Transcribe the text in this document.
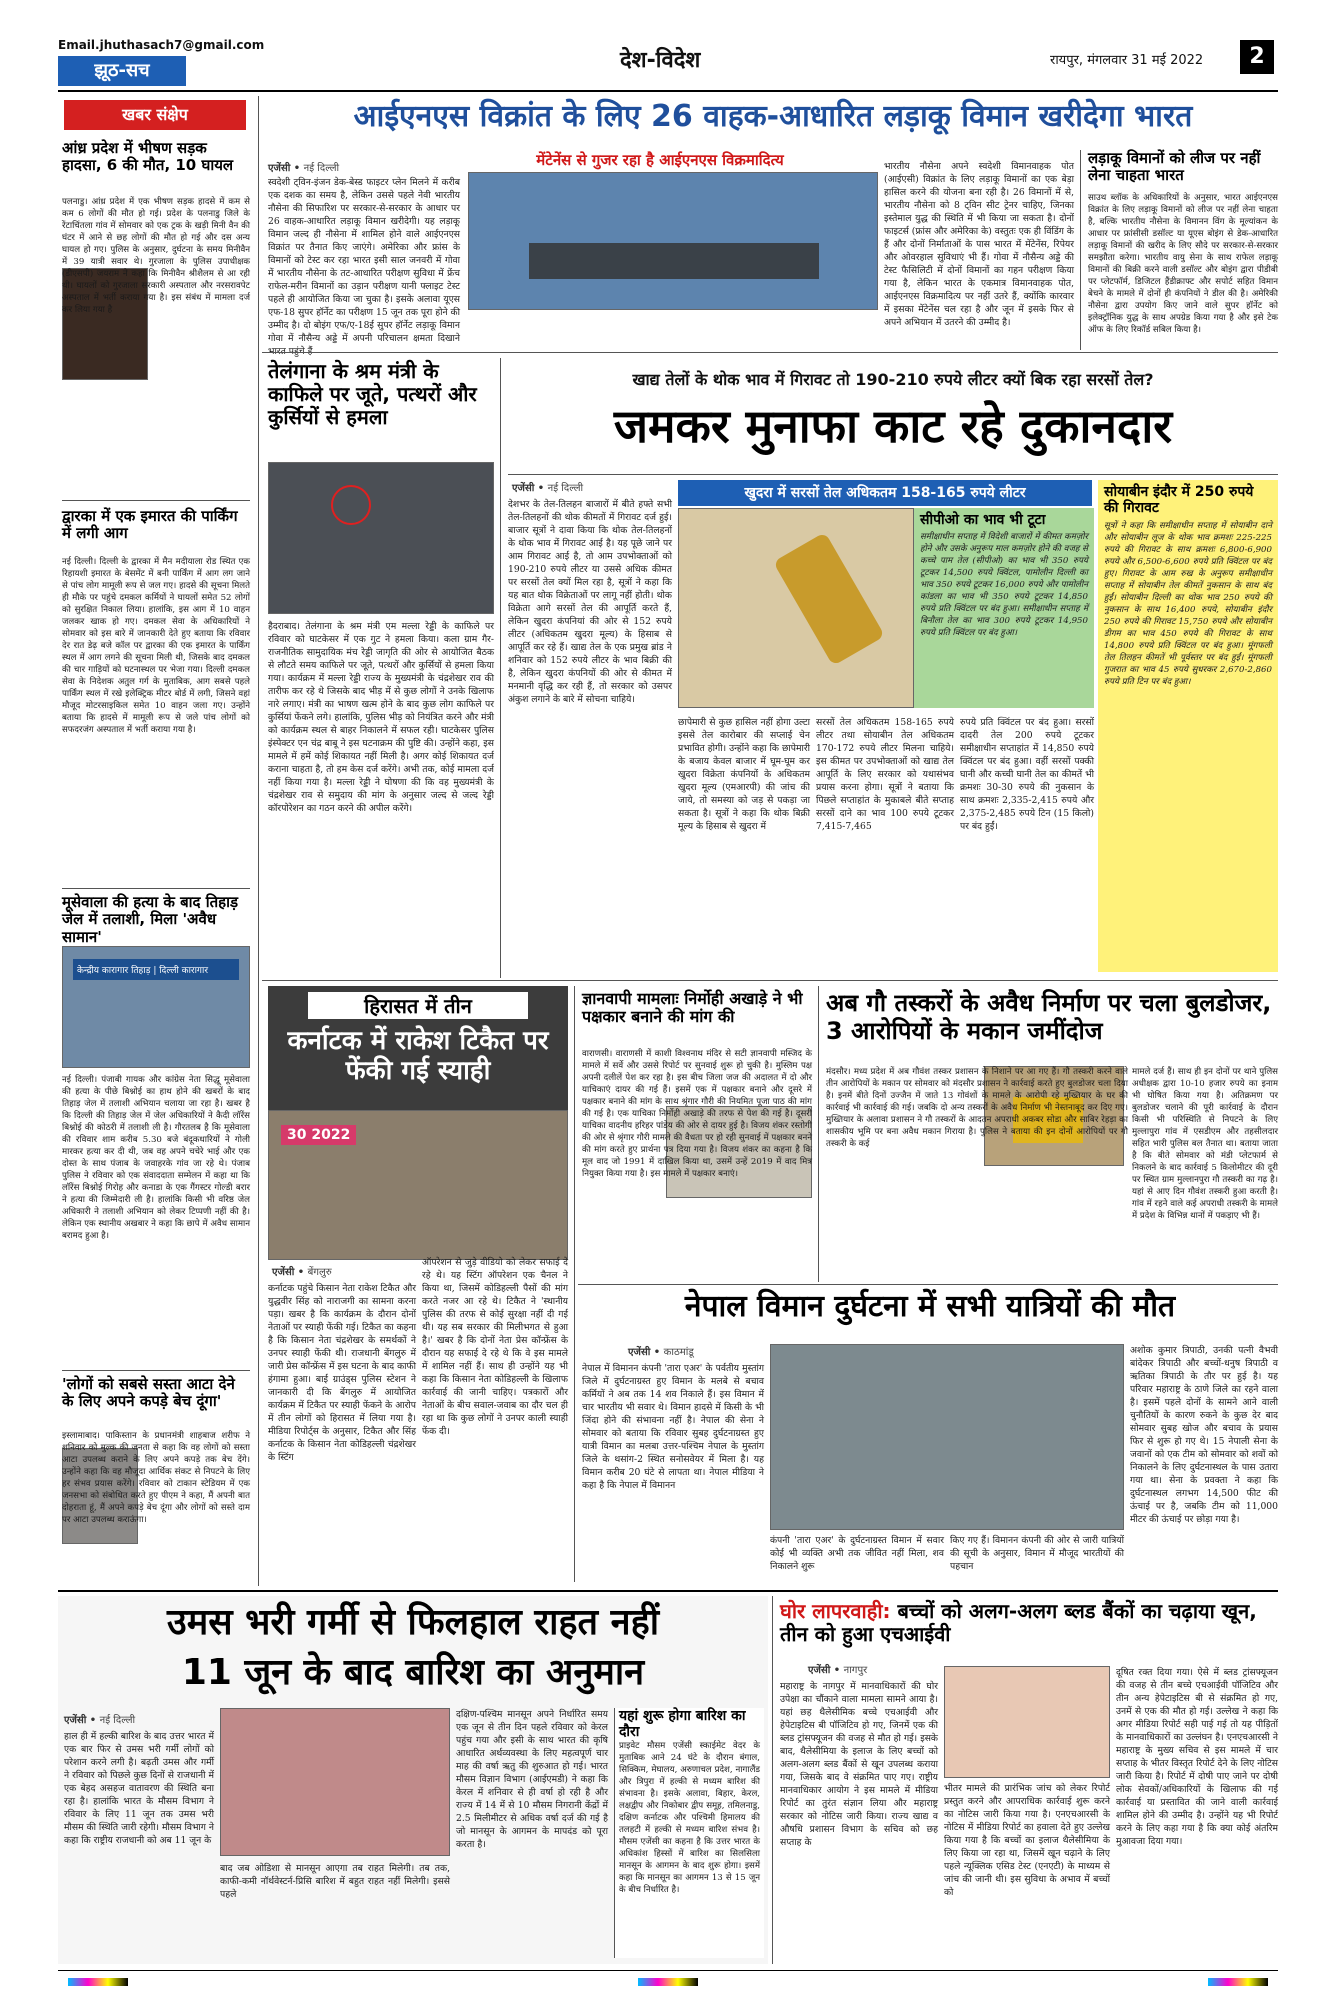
Email.jhuthasach7@gmail.com
झूठ-सच	देश-विदेश	रायपुर, मंगलवार 31 मई 2022	2
खबर संक्षेप
आंध्र प्रदेश में भीषण सड़क हादसा, 6 की मौत, 10 घायल
पलनाडु। आंध्र प्रदेश में एक भीषण सड़क हादसे में कम से कम 6 लोगों की मौत हो गई। प्रदेश के पलनाडु जिले के रेंटाचिंतला गांव में सोमवार को एक ट्रक के खड़ी मिनी वैन की घंटर में आने से छह लोगों की मौत हो गई और दस अन्य घायल हो गए। पुलिस के अनुसार, दुर्घटना के समय मिनीवैन में 39 यात्री सवार थे। गुरजाला के पुलिस उपाधीक्षक (डीएसपी) जयराम ने कहा कि मिनीवैन श्रीशैलम से आ रही थी। घायलों को गुरजाला सरकारी अस्पताल और नरसरावपेट अस्पताल में भर्ती कराया गया है। इस संबंध में मामला दर्ज कर लिया गया है
द्वारका में एक इमारत की पार्किंग में लगी आग
नई दिल्ली। दिल्ली के द्वारका में मैन मदीयाला रोड स्थित एक रिहायशी इमारत के बेसमेंट में बनी पार्किंग में आग लग जाने से पांच लोग मामूली रूप से जल गए। हादसे की सूचना मिलते ही मौके पर पहुंचे दमकल कर्मियों ने घायलों समेत 52 लोगों को सुरक्षित निकाल लिया। हालांकि, इस आग में 10 वाहन जलकर खाक हो गए। दमकल सेवा के अधिकारियों ने सोमवार को इस बारे में जानकारी देते हुए बताया कि रविवार देर रात डेढ़ बजे कॉल पर द्वारका की एक इमारत के पार्किंग स्थल में आग लगने की सूचना मिली थी, जिसके बाद दमकल की चार गाड़ियों को घटनास्थल पर भेजा गया। दिल्ली दमकल सेवा के निदेशक अतुल गर्ग के मुताबिक, आग सबसे पहले पार्किंग स्थल में रखे इलेक्ट्रिक मीटर बोर्ड में लगी, जिसने वहां मौजूद मोटरसाइकिल समेत 10 वाहन जला गए। उन्होंने बताया कि हादसे में मामूली रूप से जले पांच लोगों को सफदरजंग अस्पताल में भर्ती कराया गया है।
मूसेवाला की हत्या के बाद तिहाड़ जेल में तलाशी, मिला 'अवैध सामान'
केन्द्रीय कारागार तिहाड़ | दिल्ली कारागार
नई दिल्ली। पंजाबी गायक और कांग्रेस नेता सिद्धू मूसेवाला की हत्या के पीछे बिश्नोई का हाथ होने की खबरों के बाद तिहाड़ जेल में तलाशी अभियान चलाया जा रहा है। खबर है कि दिल्ली की तिहाड़ जेल में जेल अधिकारियों ने कैदी लॉरेंस बिश्नोई की कोठरी में तलाशी ली है। गौरतलब है कि मूसेवाला की रविवार शाम करीब 5.30 बजे बंदूकधारियों ने गोली मारकर हत्या कर दी थी, जब वह अपने चचेरे भाई और एक दोस्त के साथ पंजाब के जवाहरके गांव जा रहे थे। पंजाब पुलिस ने रविवार को एक संवाददाता सम्मेलन में कहा था कि लॉरेंस बिश्नोई गिरोह और कनाडा के एक गैंगस्टर गोल्डी बरार ने हत्या की जिम्मेदारी ली है। हालांकि किसी भी वरिष्ठ जेल अधिकारी ने तलाशी अभियान को लेकर टिप्पणी नहीं की है। लेकिन एक स्थानीय अखबार ने कहा कि छापे में अवैध सामान बरामद हुआ है।
'लोगों को सबसे सस्ता आटा देने के लिए अपने कपड़े बेच दूंगा'
इस्लामाबाद। पाकिस्तान के प्रधानमंत्री शाहबाज शरीफ ने शनिवार को मुल्क की जनता से कहा कि वह लोगों को सस्ता आटा उपलब्ध कराने के लिए अपने कपड़े तक बेच देंगे। उन्होंने कहा कि वह मौजूदा आर्थिक संकट से निपटने के लिए हर संभव प्रयास करेंगे। रविवार को टाकान स्टेडियम में एक जनसभा को संबोधित करते हुए पीएम ने कहा, मैं अपनी बात दोहराता हूं, मैं अपने कपड़े बेच दूंगा और लोगों को सस्ते दाम पर आटा उपलब्ध कराऊंगा।
आईएनएस विक्रांत के लिए 26 वाहक-आधारित लड़ाकू विमान खरीदेगा भारत
मेंटेनेंस से गुजर रहा है आईएनएस विक्रमादित्य
एजेंसी • नई दिल्ली
स्वदेशी ट्विन-इंजन डेक-बेस्ड फाइटर प्लेन मिलने में करीब एक दशक का समय है, लेकिन उससे पहले नेवी भारतीय नौसेना की सिफारिश पर सरकार-से-सरकार के आधार पर 26 वाहक-आधारित लड़ाकू विमान खरीदेगी। यह लड़ाकू विमान जल्द ही नौसेना में शामिल होने वाले आईएनएस विक्रांत पर तैनात किए जाएंगे। अमेरिका और फ्रांस के विमानों को टेस्ट कर रहा भारत इसी साल जनवरी में गोवा में भारतीय नौसेना के तट-आधारित परीक्षण सुविधा में फ्रेंच राफेल-मरीन विमानों का उड़ान परीक्षण यानी फ्लाइट टेस्ट पहले ही आयोजित किया जा चुका है। इसके अलावा यूएस एफ-18 सुपर हॉर्नेट का परीक्षण 15 जून तक पूरा होने की उम्मीद है। दो बोइंग एफ/ए-18ई सुपर हॉर्नेट लड़ाकू विमान गोवा में नौसैन्य अड्डे में अपनी परिचालन क्षमता दिखाने
भारतीय नौसेना अपने स्वदेशी विमानवाहक पोत (आईएसी) विक्रांत के लिए लड़ाकू विमानों का एक बेड़ा हासिल करने की योजना बना रही है। 26 विमानों में से, भारतीय नौसेना को 8 ट्विन सीट ट्रेनर चाहिए, जिनका इस्तेमाल युद्ध की स्थिति में भी किया जा सकता है। दोनों फाइटर्स (फ्रांस और अमेरिका के) वस्तुतः एक ही विंडिंग के हैं और दोनों निर्माताओं के पास भारत में मेंटेनेंस, रिपेयर और ओवरहाल सुविधाएं भी हैं। गोवा में नौसैन्य अड्डे की टेस्ट फैसिलिटी में दोनों विमानों का गहन परीक्षण किया गया है, लेकिन भारत के एकमात्र विमानवाहक पोत, आईएनएस विक्रमादित्य पर नहीं उतरे हैं, क्योंकि कारवार में इसका मेंटेनेंस चल रहा है और जून में इसके फिर से अपने अभियान में उतरने की उम्मीद है।
लड़ाकू विमानों को लीज पर नहीं लेना चाहता भारत
साउथ ब्लॉक के अधिकारियों के अनुसार, भारत आईएनएस विक्रांत के लिए लड़ाकू विमानों को लीज पर नहीं लेना चाहता है, बल्कि भारतीय नौसेना के विमानन विंग के मूल्यांकन के आधार पर फ्रांसीसी डसॉल्ट या यूएस बोइंग से डेक-आधारित लड़ाकू विमानों की खरीद के लिए सौदे पर सरकार-से-सरकार समझौता करेगा। भारतीय वायु सेना के साथ राफेल लड़ाकू विमानों की बिक्री करने वाली डसॉल्ट और बोइंग द्वारा पीडीबी पर प्लेटफॉर्म, डिजिटल हैंडीक्राफ्ट और सपोर्ट सहित विमान बेचने के मामले में दोनों ही कंपनियों ने डील की है। अमेरिकी नौसेना द्वारा उपयोग किए जाने वाले सुपर हॉर्नेट को इलेक्ट्रॉनिक युद्ध के साथ अपग्रेड किया गया है और इसे टेक ऑफ के लिए रिकॉर्ड सबिल किया है।
तेलंगाना के श्रम मंत्री के काफिले पर जूते, पत्थरों और कुर्सियों से हमला
हैदराबाद। तेलंगाना के श्रम मंत्री एम मल्ला रेड्डी के काफिले पर रविवार को घाटकेसर में एक गुट ने हमला किया। कला ग्राम गैर-राजनीतिक सामुदायिक मंच रेड्डी जागृति की ओर से आयोजित बैठक से लौटते समय काफिले पर जूते, पत्थरों और कुर्सियों से हमला किया गया। कार्यक्रम में मल्ला रेड्डी राज्य के मुख्यमंत्री के चंद्रशेखर राव की तारीफ कर रहे थे जिसके बाद भीड़ में से कुछ लोगों ने उनके खिलाफ नारे लगाए। मंत्री का भाषण खत्म होने के बाद कुछ लोग काफिले पर कुर्सियां फेंकने लगे। हालांकि, पुलिस भीड़ को नियंत्रित करने और मंत्री को कार्यक्रम स्थल से बाहर निकालने में सफल रही। घाटकेसर पुलिस इंस्पेक्टर एन चंद्र बाबू ने इस घटनाक्रम की पुष्टि की। उन्होंने कहा, इस मामले में हमें कोई शिकायत नहीं मिली है। अगर कोई शिकायत दर्ज कराना चाहता है, तो हम केस दर्ज करेंगे। अभी तक, कोई मामला दर्ज नहीं किया गया है। मल्ला रेड्डी ने घोषणा की कि वह मुख्यमंत्री के चंद्रशेखर राव से समुदाय की मांग के अनुसार जल्द से जल्द रेड्डी कॉरपोरेशन का गठन करने की अपील करेंगे।
खाद्य तेलों के थोक भाव में गिरावट तो 190-210 रुपये लीटर क्यों बिक रहा सरसों तेल?
जमकर मुनाफा काट रहे दुकानदार
एजेंसी • नई दिल्ली	खुदरा में सरसों तेल अधिकतम 158-165 रुपये लीटर
सीपीओ का भाव भी टूटा
समीक्षाधीन सप्ताह में विदेशी बाजारों में कीमत कमज़ोर होने और उसके अनुरूप माल कमज़ोर होने की वजह से कच्चे पाम तेल (सीपीओ) का भाव भी 350 रुपये टूटकर 14,500 रुपये क्विंटल, पामोलीन दिल्ली का भाव 350 रुपये टूटकर 16,000 रुपये और पामोलीन कांडला का भाव भी 350 रुपये टूटकर 14,850 रुपये प्रति क्विंटल पर बंद हुआ। समीक्षाधीन सप्ताह में बिनौला तेल का भाव 300 रुपये टूटकर 14,950 रुपये प्रति क्विंटल पर बंद हुआ।
देशभर के तेल-तिलहन बाजारों में बीते हफ्ते सभी तेल-तिलहनों की थोक कीमतों में गिरावट दर्ज हुई। बाजार सूत्रों ने दावा किया कि थोक तेल-तिलहनों के थोक भाव में गिरावट आई है। यह पूछे जाने पर आम गिरावट आई है, तो आम उपभोक्ताओं को 190-210 रुपये लीटर या उससे अधिक कीमत पर सरसों तेल क्यों मिल रहा है, सूत्रों ने कहा कि यह बात थोक विक्रेताओं पर लागू नहीं होती। थोक विक्रेता आगे सरसों तेल की आपूर्ति करते हैं, लेकिन खुदरा कंपनियां की ओर से 152 रुपये लीटर (अधिकतम खुदरा मूल्य) के हिसाब से आपूर्ति कर रहे हैं। खाद्य तेल के एक प्रमुख ब्रांड ने शनिवार को 152 रुपये लीटर के भाव बिक्री की है, लेकिन खुदरा कंपनियों की ओर से कीमत में मनमानी वृद्धि कर रही हैं, तो सरकार को उसपर अंकुश लगाने के बारे में सोचना चाहिये।
छापेमारी से कुछ हासिल नहीं होगा उल्टा इससे तेल कारोबार की सप्लाई चेन प्रभावित होगी। उन्होंने कहा कि छापेमारी के बजाय केवल बाजार में घूम-घूम कर खुदरा विक्रेता कंपनियों के अधिकतम खुदरा मूल्य (एमआरपी) की जांच की जाये, तो समस्या को जड़ से पकड़ा जा सकता है। सूत्रों ने कहा कि थोक बिक्री मूल्य के हिसाब से खुदरा में
सरसों तेल अधिकतम 158-165 रुपये लीटर तथा सोयाबीन तेल अधिकतम 170-172 रुपये लीटर मिलना चाहिये। इस कीमत पर उपभोक्ताओं को खाद्य तेल आपूर्ति के लिए सरकार को यथासंभव प्रयास करना होगा। सूत्रों ने बताया कि पिछले सप्ताहांत के मुकाबले बीते सप्ताह सरसों दाने का भाव 100 रुपये टूटकर 7,415-7,465
रुपये प्रति क्विंटल पर बंद हुआ। सरसों दादरी तेल 200 रुपये टूटकर समीक्षाधीन सप्ताहांत में 14,850 रुपये क्विंटल पर बंद हुआ। वहीं सरसों पक्की घानी और कच्ची घानी तेल का कीमतें भी क्रमशः 30-30 रुपये की नुकसान के साथ क्रमशः 2,335-2,415 रुपये और 2,375-2,485 रुपये टिन (15 किलो) पर बंद हुईं।
सोयाबीन इंदौर में 250 रुपये की गिरावट
सूत्रों ने कहा कि समीक्षाधीन सप्ताह में सोयाबीन दाने और सोयाबीन लूज के थोक भाव क्रमशः 225-225 रुपये की गिरावट के साथ क्रमशः 6,800-6,900 रुपये और 6,500-6,600 रुपये प्रति क्विंटल पर बंद हुए। गिरावट के आम रुख के अनुरूप समीक्षाधीन सप्ताह में सोयाबीन तेल कीमतें नुकसान के साथ बंद हुईं। सोयाबीन दिल्ली का थोक भाव 250 रुपये की नुकसान के साथ 16,400 रुपये, सोयाबीन इंदौर 250 रुपये की गिरावट 15,750 रुपये और सोयाबीन डीगम का भाव 450 रुपये की गिरावट के साथ 14,800 रुपये प्रति क्विंटल पर बंद हुआ। मूंगफली तेल तिलहन कीमतें भी पूर्वस्तर पर बंद हुईं। मूंगफली गुजरात का भाव 45 रुपये सुधरकर 2,670-2,860 रुपये प्रति टिन पर बंद हुआ।
हिरासत में तीन
कर्नाटक में राकेश टिकैत पर फेंकी गई स्याही
30 2022
एजेंसी • बेंगलुरु
कर्नाटक पहुंचे किसान नेता राकेश टिकैत और युद्धवीर सिंह को नाराजगी का सामना करना पड़ा। खबर है कि कार्यक्रम के दौरान दोनों नेताओं पर स्याही फेंकी गई। टिकैत का कहना है कि किसान नेता चंद्रशेखर के समर्थकों ने उनपर स्याही फेंकी थी। राजधानी बेंगलुरु में जारी प्रेस कॉन्फ्रेंस में इस घटना के बाद काफी हंगामा हुआ। बाई ग्राउंड्स पुलिस स्टेशन ने जानकारी दी कि बेंगलुरु में आयोजित कार्यक्रम में टिकैत पर स्याही फेंकने के आरोप में तीन लोगों को हिरासत में लिया गया है। मीडिया रिपोर्ट्स के अनुसार, टिकैत और सिंह कर्नाटक के किसान नेता कोडिहल्ली चंद्रशेखर के स्टिंग
ऑपरेशन से जुड़े वीडियो को लेकर सफाई दे रहे थे। यह स्टिंग ऑपरेशन एक चैनल ने किया था, जिसमें कोडिहल्ली पैसों की मांग करते नजर आ रहे थे। टिकैत ने 'स्थानीय पुलिस की तरफ से कोई सुरक्षा नहीं दी गई थी। यह सब सरकार की मिलीभगत से हुआ है।' खबर है कि दोनों नेता प्रेस कॉन्फ्रेंस के दौरान यह सफाई दे रहे थे कि वे इस मामले में शामिल नहीं हैं। साथ ही उन्होंने यह भी कहा कि किसान नेता कोडिहल्ली के खिलाफ कार्रवाई की जानी चाहिए। पत्रकारों और नेताओं के बीच सवाल-जवाब का दौर चल ही रहा था कि कुछ लोगों ने उनपर काली स्याही फेंक दी।
ज्ञानवापी मामलाः निर्मोही अखाड़े ने भी पक्षकार बनाने की मांग की
वाराणसी। वाराणसी में काशी विश्वनाथ मंदिर से सटी ज्ञानवापी मस्जिद के मामले में सर्वे और उससे रिपोर्ट पर सुनवाई शुरू हो चुकी है। मुस्लिम पक्ष अपनी दलीलें पेश कर रहा है। इस बीच जिला जज की अदालत में दो और याचिकाएं दायर की गई हैं। इसमें एक में पक्षकार बनाने और दूसरे में पक्षकार बनाने की मांग के साथ श्रृंगार गौरी की नियमित पूजा पाठ की मांग की गई है। एक याचिका निर्मोही अखाड़े की तरफ से पेश की गई है। दूसरी याचिका वादनीय हरिहर पांडेय की ओर से दायर हुई है। विजय शंकर रस्तोगी की ओर से श्रृंगार गौरी मामले की वैधता पर हो रही सुनवाई में पक्षकार बनने की मांग करते हुए प्रार्थना पत्र दिया गया है। विजय शंकर का कहना है कि मूल वाद जो 1991 में दाखिल किया था, उसमें उन्हें 2019 में वाद मित्र नियुक्त किया गया है। इस मामले में पक्षकार बनाएं।
अब गौ तस्करों के अवैध निर्माण पर चला बुलडोजर, 3 आरोपियों के मकान जमींदोज
मंदसौर। मध्य प्रदेश में अब गौवंश तस्कर प्रशासन के निशाने पर आ गए हैं। गौ तस्करी करने वाले तीन आरोपियों के मकान पर सोमवार को मंदसौर प्रशासन ने कार्रवाई करते हुए बुलडोजर चला दिया है। इनमें बीते दिनों उज्जैन में जाते 13 गोवंशों के मामले के आरोपी रहे मुख्तियार के घर की कार्रवाई भी कार्रवाई की गई। जबकि दो अन्य तस्करों के अवैध निर्माण भी नेस्तनाबूद कर दिए गए। मुख्तियार के अलावा प्रशासन ने गौ तस्करों के आदतन अपराधी अकबर सोडा और साबिर रेहड़ा का शासकीय भूमि पर बना अवैध मकान गिराया है। पुलिस ने बताया की इन दोनों आरोपियों पर गौ तस्करी के कई
मामले दर्ज हैं। साथ ही इन दोनों पर थाने पुलिस अधीक्षक द्वारा 10-10 हजार रुपये का इनाम भी घोषित किया गया है। अतिक्रमण पर बुलडोजर चलाने की पूरी कार्रवाई के दौरान किसी भी परिस्थिति से निपटने के लिए मुल्लापुरा गांव में एसडीएम और तहसीलदार सहित भारी पुलिस बल तैनात था। बताया जाता है कि बीते सोमवार को मंडी प्लेटफार्म से निकलने के बाद कार्रवाई 5 किलोमीटर की दूरी पर स्थित ग्राम मुल्लानपुरा गौ तस्करी का गढ़ है। यहां से आए दिन गौवंश तस्करी हुआ करती है। गांव में रहने वाले कई अपराधी तस्करी के मामले में प्रदेश के विभिन्न थानों में पकड़ाए भी हैं।
नेपाल विमान दुर्घटना में सभी यात्रियों की मौत
एजेंसी • काठमांडू
नेपाल में विमानन कंपनी 'तारा एअर' के पर्वतीय मुस्तांग जिले में दुर्घटनाग्रस्त हुए विमान के मलबे से बचाव कर्मियों ने अब तक 14 शव निकाले हैं। इस विमान में चार भारतीय भी सवार थे। विमान हादसे में किसी के भी जिंदा होने की संभावना नहीं है। नेपाल की सेना ने सोमवार को बताया कि रविवार सुबह दुर्घटनाग्रस्त हुए यात्री विमान का मलबा उत्तर-पश्चिम नेपाल के मुस्तांग जिले के थसांग-2 स्थित सनोसवेयर में मिला है। यह विमान करीब 20 घंटे से लापता था। नेपाल मीडिया ने कहा है कि नेपाल में विमानन
कंपनी 'तारा एअर' के दुर्घटनाग्रस्त विमान में सवार कोई भी व्यक्ति अभी तक जीवित नहीं मिला, शव निकालने शुरू
किए गए हैं। विमानन कंपनी की ओर से जारी यात्रियों की सूची के अनुसार, विमान में मौजूद भारतीयों की पहचान
अशोक कुमार त्रिपाठी, उनकी पत्नी वैभवी बांदेकर त्रिपाठी और बच्चों-धनुष त्रिपाठी व ऋतिका त्रिपाठी के तौर पर हुई है। यह परिवार महाराष्ट्र के ठाणे जिले का रहने वाला है। इसमें पहले दोनों के सामने आने वाली चुनौतियों के कारण रुकने के कुछ देर बाद सोमवार सुबह खोज और बचाव के प्रयास फिर से शुरू हो गए थे। 15 नेपाली सेना के जवानों को एक टीम को सोमवार को शवों को निकालने के लिए दुर्घटनास्थल के पास उतारा गया था। सेना के प्रवक्ता ने कहा कि दुर्घटनास्थल लगभग 14,500 फीट की ऊंचाई पर है, जबकि टीम को 11,000 मीटर की ऊंचाई पर छोड़ा गया है।
उमस भरी गर्मी से फिलहाल राहत नहीं
11 जून के बाद बारिश का अनुमान
एजेंसी • नई दिल्ली
हाल ही में हल्की बारिश के बाद उत्तर भारत में एक बार फिर से उमस भरी गर्मी लोगों को परेशान करने लगी है। बढ़ती उमस और गर्मी ने रविवार को पिछले कुछ दिनों से राजधानी में एक बेहद असहज वातावरण की स्थिति बना रहा है। हालांकि भारत के मौसम विभाग ने रविवार के लिए 11 जून तक उमस भरी मौसम की स्थिति जारी रहेगी। मौसम विभाग ने कहा कि राष्ट्रीय राजधानी को अब 11 जून के
बाद जब ओडिशा से मानसून आएगा तब राहत मिलेगी। तब तक, काफी-कमी नॉर्थवेस्टर्न-प्रिसि बारिश में बहुत राहत नहीं मिलेगी। इससे पहले
दक्षिण-पश्चिम मानसून अपने निर्धारित समय एक जून से तीन दिन पहले रविवार को केरल पहुंच गया और इसी के साथ भारत की कृषि आधारित अर्थव्यवस्था के लिए महत्वपूर्ण चार माह की वर्षा ऋतु की शुरुआत हो गई। भारत मौसम विज्ञान विभाग (आईएमडी) ने कहा कि केरल में शनिवार से ही वर्षा हो रही है और राज्य में 14 में से 10 मौसम निगरानी केंद्रों में 2.5 मिलीमीटर से अधिक वर्षा दर्ज की गई है जो मानसून के आगमन के मापदंड को पूरा करता है।
यहां शुरू होगा बारिश का दौरा
प्राइवेट मौसम एजेंसी स्काईमेट वेदर के मुताबिक आने 24 घंटे के दौरान बंगाल, सिक्किम, मेघालय, अरुणाचल प्रदेश, नागालैंड और त्रिपुरा में हल्की से मध्यम बारिश की संभावना है। इसके अलावा, बिहार, केरल, लक्षद्वीप और निकोबार द्वीप समूह, तमिलनाडु, दक्षिण कर्नाटक और पश्चिमी हिमालय की तलहटी में हल्की से मध्यम बारिश संभव है। मौसम एजेंसी का कहना है कि उत्तर भारत के अधिकांश हिस्सों में बारिश का सिलसिला मानसून के आगमन के बाद शुरू होगा। इसमें कहा कि मानसून का आगमन 13 से 15 जून के बीच निर्धारित है।
घोर लापरवाही: बच्चों को अलग-अलग ब्लड बैंकों का चढ़ाया खून, तीन को हुआ एचआईवी
एजेंसी • नागपुर
महाराष्ट्र के नागपुर में मानवाधिकारों की घोर उपेक्षा का चौंकाने वाला मामला सामने आया है। यहां छह थैलेसीमिक बच्चे एचआईवी और हेपेटाइटिस बी पॉजिटिव हो गए, जिनमें एक की ब्लड ट्रांसफ्यूजन की वजह से मौत हो गई। इसके बाद, थैलेसीमिया के इलाज के लिए बच्चों को अलग-अलग ब्लड बैंकों से खून उपलब्ध कराया गया, जिसके बाद वे संक्रमित पाए गए। राष्ट्रीय मानवाधिकार आयोग ने इस मामले में मीडिया रिपोर्ट का तुरंत संज्ञान लिया और महाराष्ट्र सरकार को नोटिस जारी किया। राज्य खाद्य व औषधि प्रशासन विभाग के सचिव को छह सप्ताह के
भीतर मामले की प्रारंभिक जांच को लेकर रिपोर्ट प्रस्तुत करने और आपराधिक कार्रवाई शुरू करने का नोटिस जारी किया गया है। एनएचआरसी के नोटिस में मीडिया रिपोर्ट का हवाला देते हुए उल्लेख किया गया है कि बच्चों का इलाज थैलेसीमिया के लिए किया जा रहा था, जिसमें खून चढ़ाने के लिए पहले न्यूक्लिक एसिड टेस्ट (एनएटी) के माध्यम से जांच की जानी थी। इस सुविधा के अभाव में बच्चों को
दूषित रक्त दिया गया। ऐसे में ब्लड ट्रांसफ्यूजन की वजह से तीन बच्चे एचआईवी पॉजिटिव और तीन अन्य हेपेटाइटिस बी से संक्रमित हो गए, उनमें से एक की मौत हो गई। उल्लेख ने कहा कि अगर मीडिया रिपोर्ट सही पाई गई तो यह पीड़ितों के मानवाधिकारों का उल्लंघन है। एनएचआरसी ने महाराष्ट्र के मुख्य सचिव से इस मामले में चार सप्ताह के भीतर विस्तृत रिपोर्ट देने के लिए नोटिस जारी किया है। रिपोर्ट में दोषी पाए जाने पर दोषी लोक सेवकों/अधिकारियों के खिलाफ की गई कार्रवाई या प्रस्तावित की जाने वाली कार्रवाई शामिल होने की उम्मीद है। उन्होंने यह भी रिपोर्ट करने के लिए कहा गया है कि क्या कोई अंतरिम मुआवजा दिया गया।
